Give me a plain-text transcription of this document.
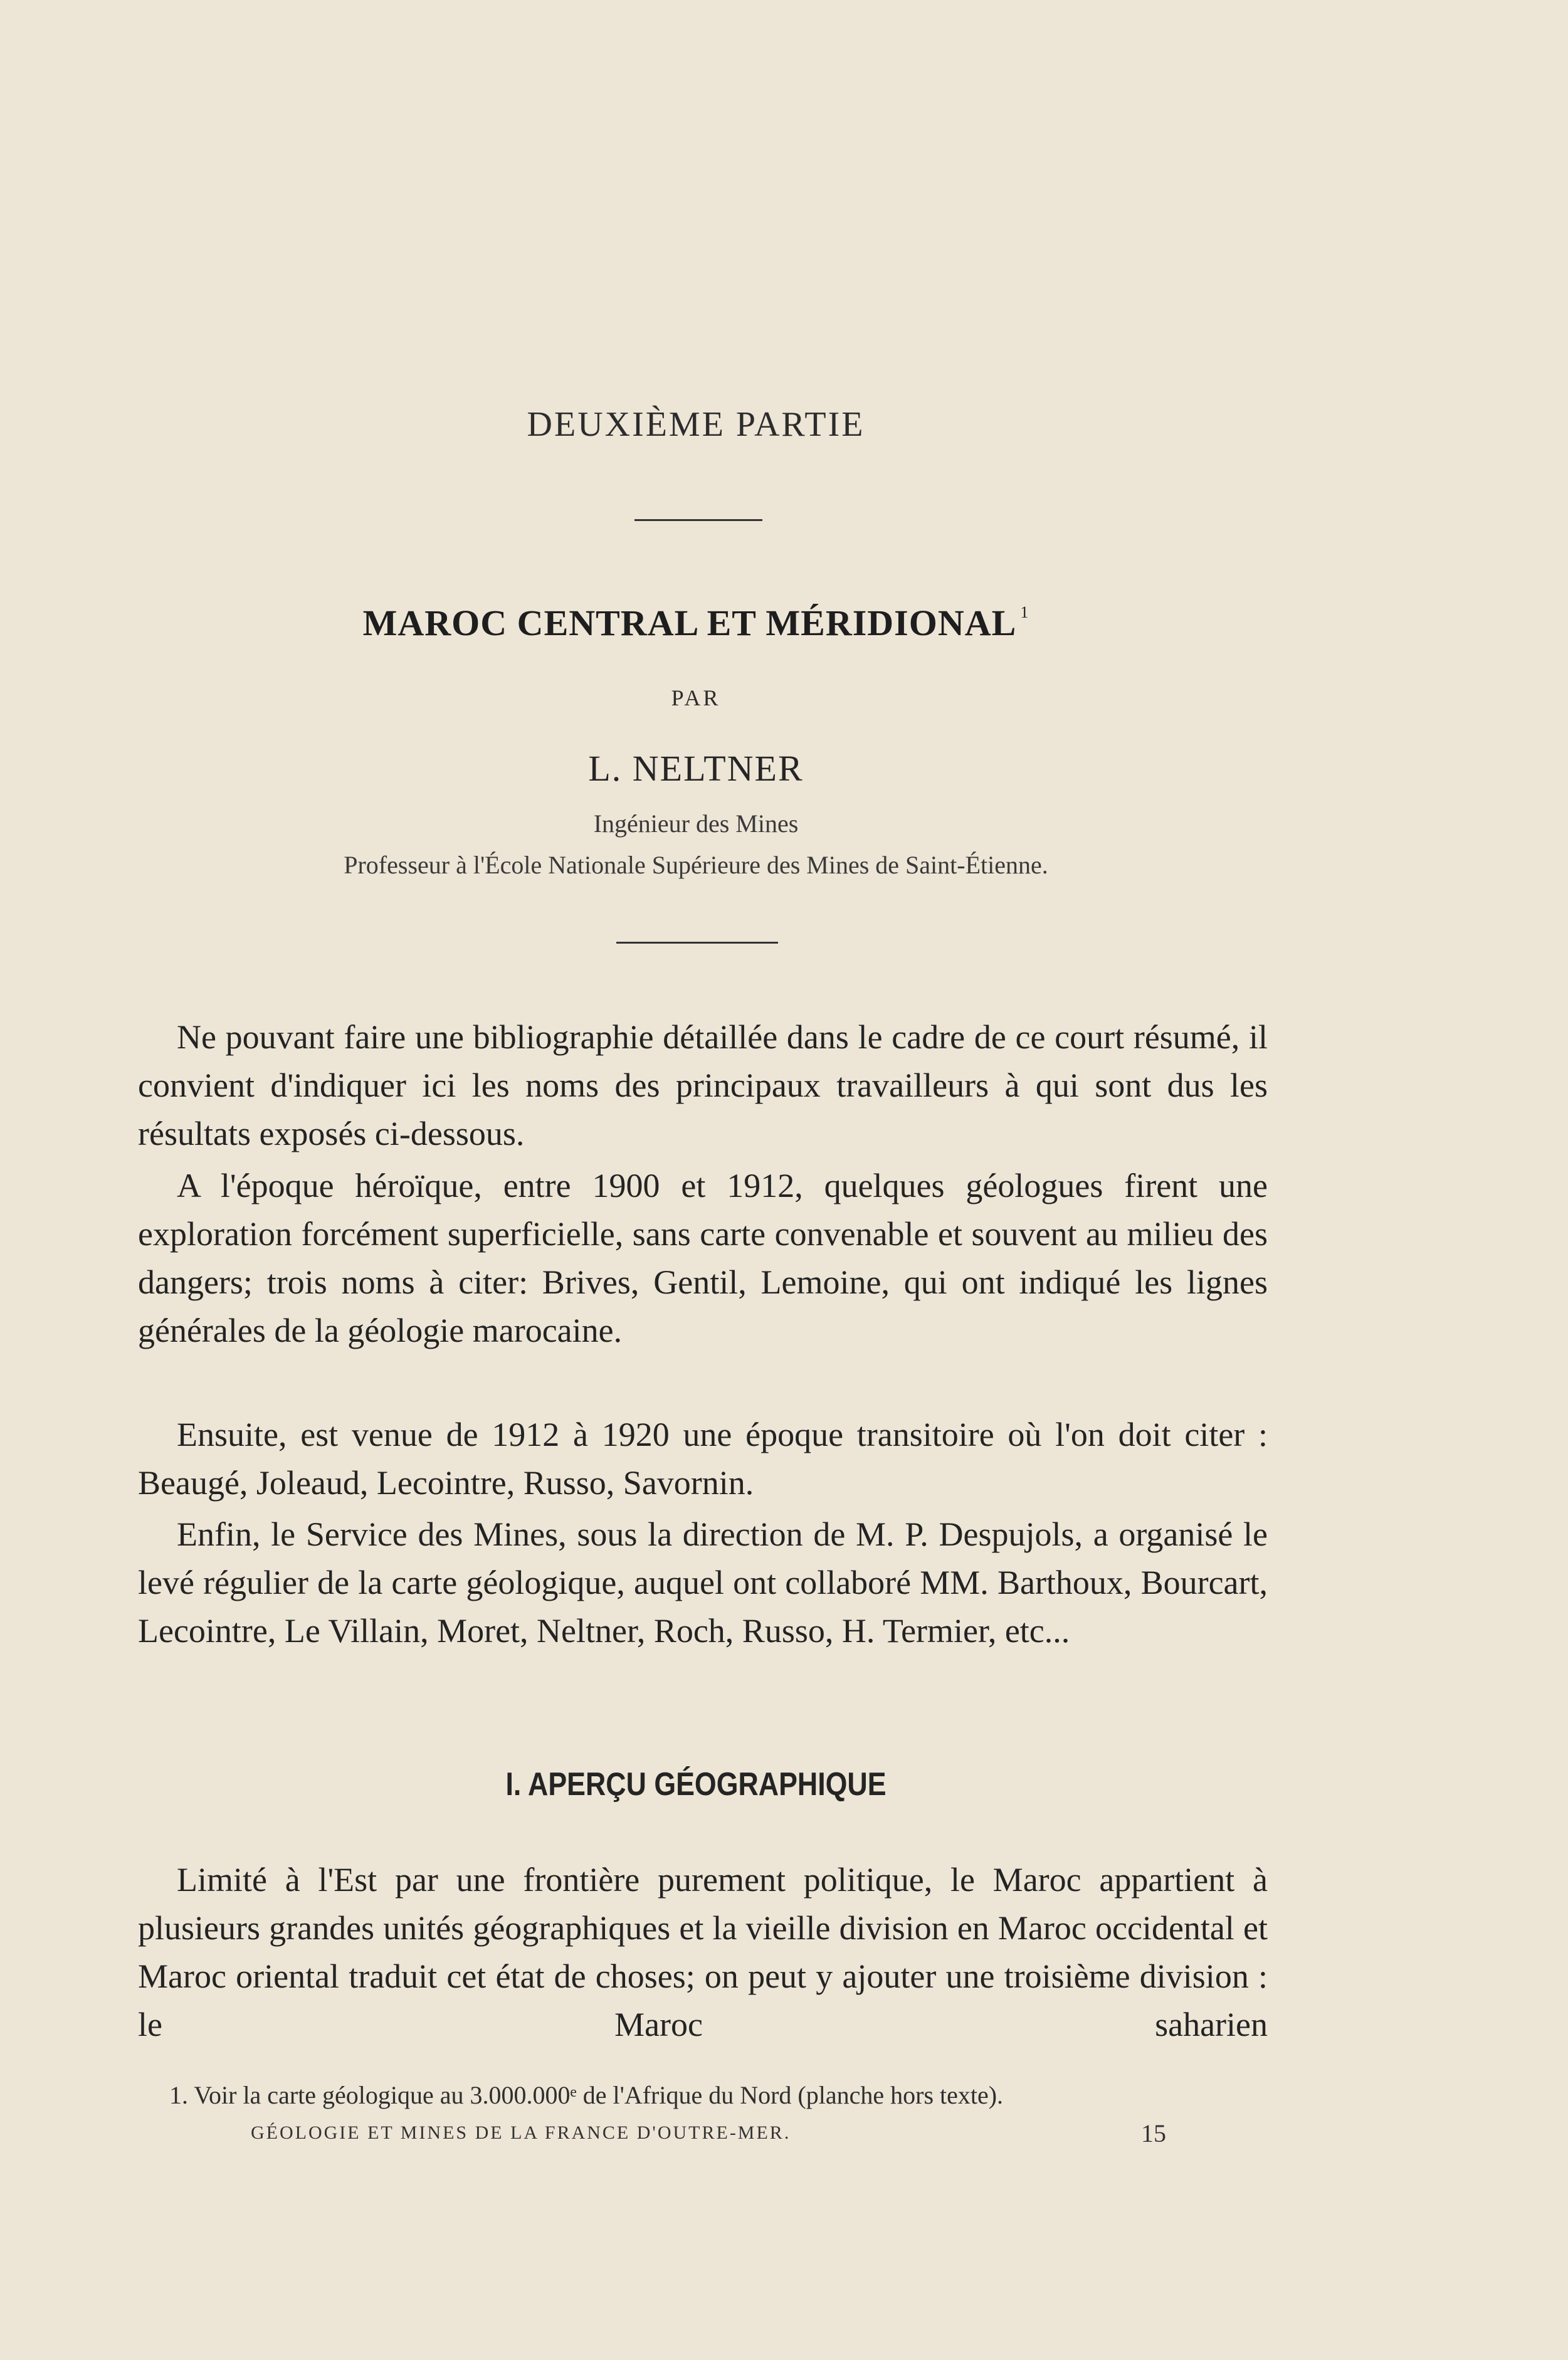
DEUXIÈME PARTIE
MAROC CENTRAL ET MÉRIDIONAL $^1$
PAR
L. NELTNER
Ingénieur des Mines
Professeur à l'École Nationale Supérieure des Mines de Saint-Étienne.
Ne pouvant faire une bibliographie détaillée dans le cadre de ce court résumé, il convient d'indiquer ici les noms des principaux travailleurs à qui sont dus les résultats exposés ci-dessous.
A l'époque héroïque, entre 1900 et 1912, quelques géologues firent une exploration forcément superficielle, sans carte convenable et souvent au milieu des dangers; trois noms à citer: Brives, Gentil, Lemoine, qui ont indiqué les lignes générales de la géologie marocaine.
Ensuite, est venue de 1912 à 1920 une époque transitoire où l'on doit citer : Beaugé, Joleaud, Lecointre, Russo, Savornin.
Enfin, le Service des Mines, sous la direction de M. P. Despujols, a organisé le levé régulier de la carte géologique, auquel ont collaboré MM. Barthoux, Bourcart, Lecointre, Le Villain, Moret, Neltner, Roch, Russo, H. Termier, etc...
I. APERÇU GÉOGRAPHIQUE
Limité à l'Est par une frontière purement politique, le Maroc appartient à plusieurs grandes unités géographiques et la vieille division en Maroc occidental et Maroc oriental traduit cet état de choses; on peut y ajouter une troisième division : le Maroc saharien
1. Voir la carte géologique au 3.000.000ᵉ de l'Afrique du Nord (planche hors texte).
GÉOLOGIE ET MINES DE LA FRANCE D'OUTRE-MER.	15
